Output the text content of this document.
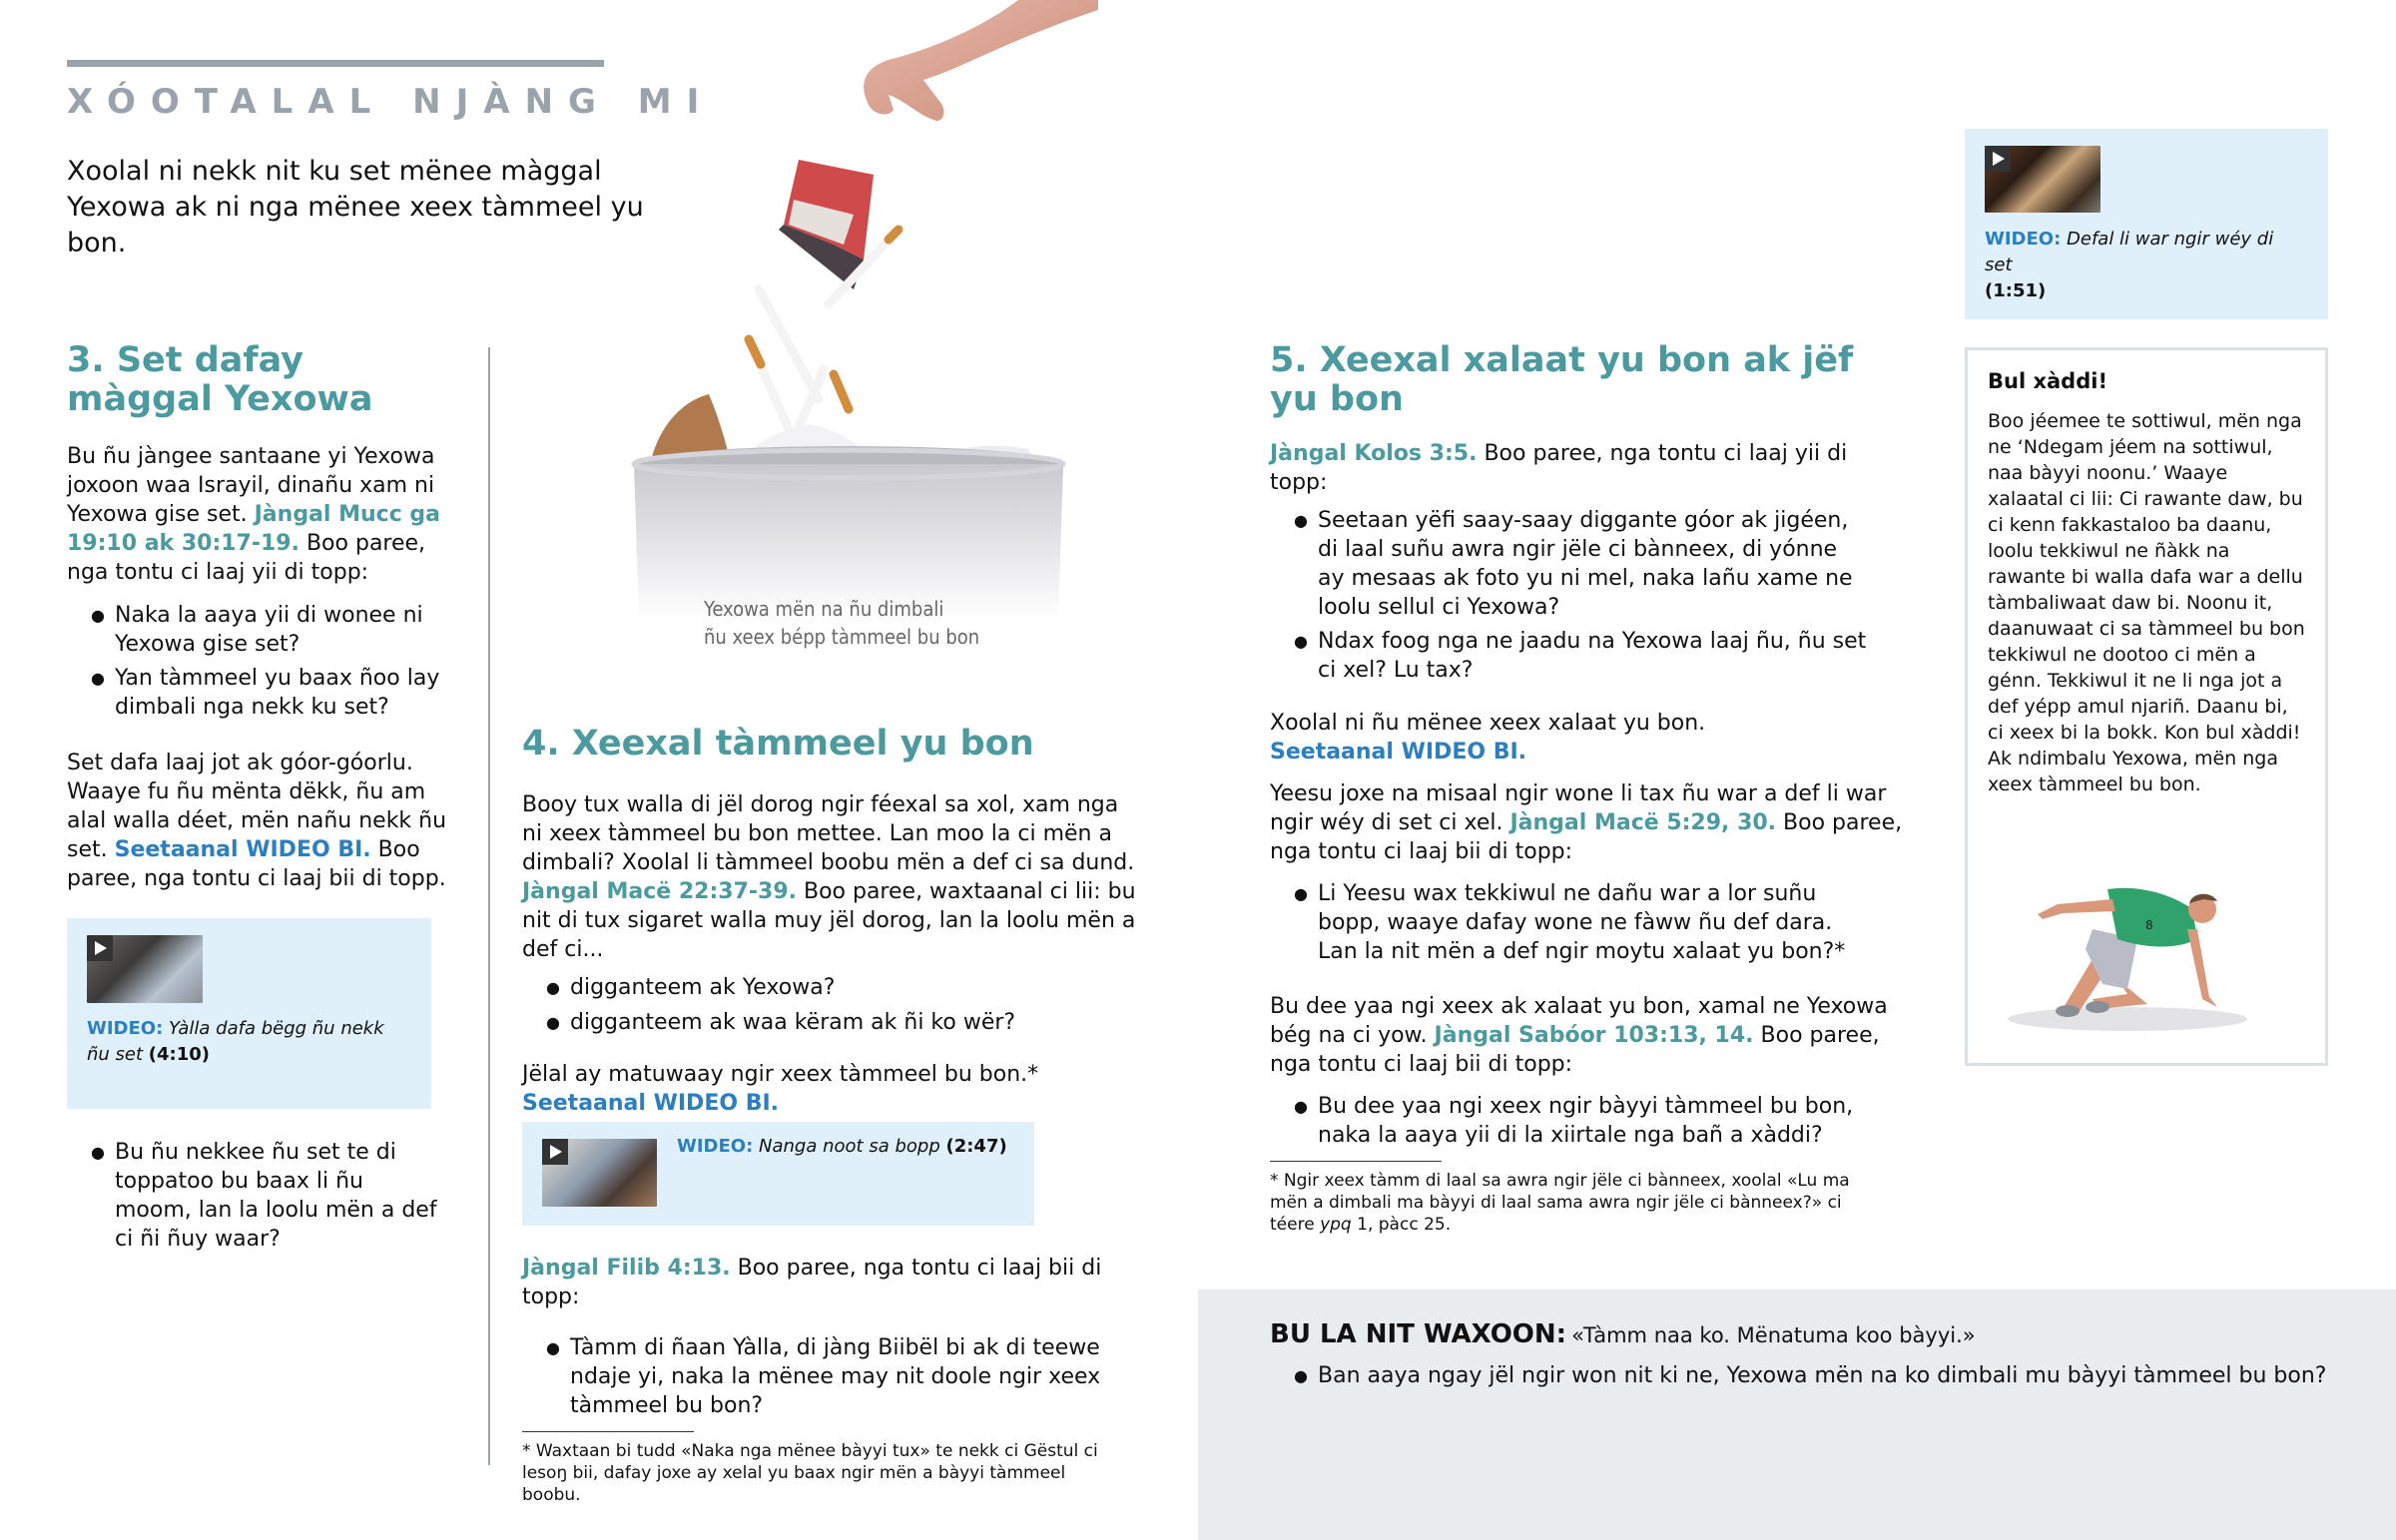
XÓOTALAL NJÀNG MI
Xoolal ni nekk nit ku set mënee màggal Yexowa ak ni nga mënee xeex tàmmeel yu bon.
Yexowa mën na ñu dimbali
ñu xeex bépp tàmmeel bu bon
3. Set dafay màggal Yexowa

Bu ñu jàngee santaane yi Yexowa joxoon waa Israyil, dinañu xam ni Yexowa gise set. Jàngal Mucc ga 19:10 ak 30:17-19. Boo paree, nga tontu ci laaj yii di topp:

● Naka la aaya yii di wonee ni Yexowa gise set?
● Yan tàmmeel yu baax ñoo lay dimbali nga nekk ku set?

Set dafa laaj jot ak góor-góorlu. Waaye fu ñu mënta dëkk, ñu am alal walla déet, mën nañu nekk ñu set. Seetaanal WIDEO BI. Boo paree, nga tontu ci laaj bii di topp.

WIDEO: Yàlla dafa bëgg ñu nekk ñu set (4:10)
● Bu ñu nekkee ñu set te di toppatoo bu baax li ñu moom, lan la loolu mën a def ci ñi ñuy waar?
4. Xeexal tàmmeel yu bon

Booy tux walla di jël dorog ngir féexal sa xol, xam nga ni xeex tàmmeel bu bon mettee. Lan moo la ci mën a dimbali? Xoolal li tàmmeel boobu mën a def ci sa dund. Jàngal Macë 22:37-39. Boo paree, waxtaanal ci lii: bu nit di tux sigaret walla muy jël dorog, lan la loolu mën a def ci...

● digganteem ak Yexowa?
● digganteem ak waa këram ak ñi ko wër?

Jëlal ay matuwaay ngir xeex tàmmeel bu bon.*
Seetaanal WIDEO BI.

WIDEO: Nanga noot sa bopp (2:47)

Jàngal Filib 4:13. Boo paree, nga tontu ci laaj bii di topp:

● Tàmm di ñaan Yàlla, di jàng Biibël bi ak di teewe ndaje yi, naka la mënee may nit doole ngir xeex tàmmeel bu bon?

* Waxtaan bi tudd «Naka nga mënee bàyyi tux» te nekk ci Gëstul ci lesoŋ bii, dafay joxe ay xelal yu baax ngir mën a bàyyi tàmmeel boobu.

5. Xeexal xalaat yu bon ak jëf yu bon

Jàngal Kolos 3:5. Boo paree, nga tontu ci laaj yii di topp:

● Seetaan yëfi saay-saay diggante góor ak jigéen, di laal suñu awra ngir jële ci bànneex, di yónne ay mesaas ak foto yu ni mel, naka lañu xame ne loolu sellul ci Yexowa?
● Ndax foog nga ne jaadu na Yexowa laaj ñu, ñu set ci xel? Lu tax?

Xoolal ni ñu mënee xeex xalaat yu bon.
Seetaanal WIDEO BI.

Yeesu joxe na misaal ngir wone li tax ñu war a def li war ngir wéy di set ci xel. Jàngal Macë 5:29, 30. Boo paree, nga tontu ci laaj bii di topp:

● Li Yeesu wax tekkiwul ne dañu war a lor suñu bopp, waaye dafay wone ne fàww ñu def dara. Lan la nit mën a def ngir moytu xalaat yu bon?*

Bu dee yaa ngi xeex ak xalaat yu bon, xamal ne Yexowa bég na ci yow. Jàngal Sabóor 103:13, 14. Boo paree, nga tontu ci laaj bii di topp:

● Bu dee yaa ngi xeex ngir bàyyi tàmmeel bu bon, naka la aaya yii di la xiirtale nga bañ a xàddi?

* Ngir xeex tàmm di laal sa awra ngir jële ci bànneex, xoolal «Lu ma mën a dimbali ma bàyyi di laal sama awra ngir jële ci bànneex?» ci téere ypq 1, pàcc 25.

WIDEO: Defal li war ngir wéy di set
(1:51)
Bul xàddi!

Boo jéemee te sottiwul, mën nga ne ‘Ndegam jéem na sottiwul, naa bàyyi noonu.’ Waaye xalaatal ci lii: Ci rawante daw, bu ci kenn fakkastaloo ba daanu, loolu tekkiwul ne ñàkk na rawante bi walla dafa war a dellu tàmbaliwaat daw bi. Noonu it, daanuwaat ci sa tàmmeel bu bon tekkiwul ne dootoo ci mën a génn. Tekkiwul it ne li nga jot a def yépp amul njariñ. Daanu bi, ci xeex bi la bokk. Kon bul xàddi! Ak ndimbalu Yexowa, mën nga xeex tàmmeel bu bon.

8
BU LA NIT WAXOON: «Tàmm naa ko. Mënatuma koo bàyyi.»
● Ban aaya ngay jël ngir won nit ki ne, Yexowa mën na ko dimbali mu bàyyi tàmmeel bu bon?
